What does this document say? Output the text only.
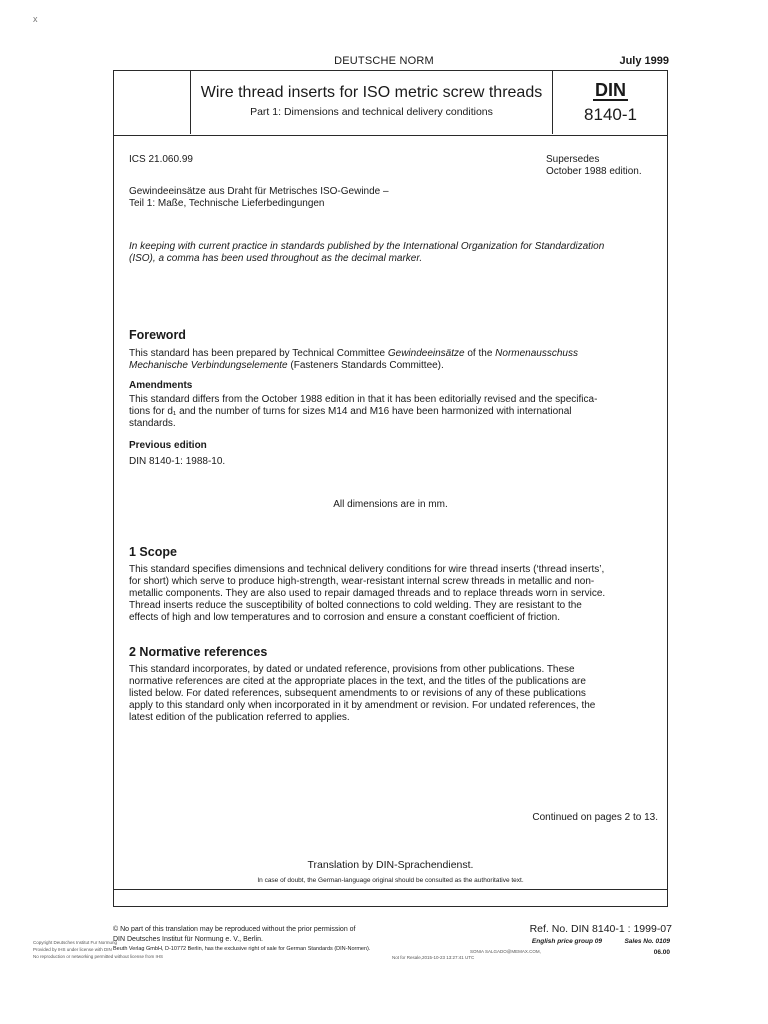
x
DEUTSCHE NORM	July 1999
Wire thread inserts for ISO metric screw threads
Part 1: Dimensions and technical delivery conditions
DIN
8140-1
ICS 21.060.99	Supersedes
October 1988 edition.
Gewindeeinsätze aus Draht für Metrisches ISO-Gewinde –
Teil 1: Maße, Technische Lieferbedingungen
In keeping with current practice in standards published by the International Organization for Standardization
(ISO), a comma has been used throughout as the decimal marker.
Foreword
This standard has been prepared by Technical Committee Gewindeeinsätze of the Normenausschuss
Mechanische Verbindungselemente (Fasteners Standards Committee).
Amendments
This standard differs from the October 1988 edition in that it has been editorially revised and the specifica-
tions for d₁ and the number of turns for sizes M14 and M16 have been harmonized with international
standards.
Previous edition
DIN 8140-1: 1988-10.
All dimensions are in mm.
1 Scope
This standard specifies dimensions and technical delivery conditions for wire thread inserts (‘thread inserts’,
for short) which serve to produce high-strength, wear-resistant internal screw threads in metallic and non-
metallic components. They are also used to repair damaged threads and to replace threads worn in service.
Thread inserts reduce the susceptibility of bolted connections to cold welding. They are resistant to the
effects of high and low temperatures and to corrosion and ensure a constant coefficient of friction.
2 Normative references
This standard incorporates, by dated or undated reference, provisions from other publications. These
normative references are cited at the appropriate places in the text, and the titles of the publications are
listed below. For dated references, subsequent amendments to or revisions of any of these publications
apply to this standard only when incorporated in it by amendment or revision. For undated references, the
latest edition of the publication referred to applies.
Continued on pages 2 to 13.
Translation by DIN-Sprachendienst.
In case of doubt, the German-language original should be consulted as the authoritative text.
© No part of this translation may be reproduced without the prior permission of
DIN Deutsches Institut für Normung e. V., Berlin.
Beuth Verlag GmbH, D-10772 Berlin, has the exclusive right of sale for German Standards (DIN-Normen).
Copyright Deutsches Institut Fur Normung
Provided by IHS under license with DIN
No reproduction or networking permitted without license from IHS
SONIA SALGADO@MEMAX.COM,
Not for Resale,2015-10-23 13:27:41 UTC
Ref. No. DIN 8140-1 : 1999-07
English price group 09	Sales No. 0109
06.00
